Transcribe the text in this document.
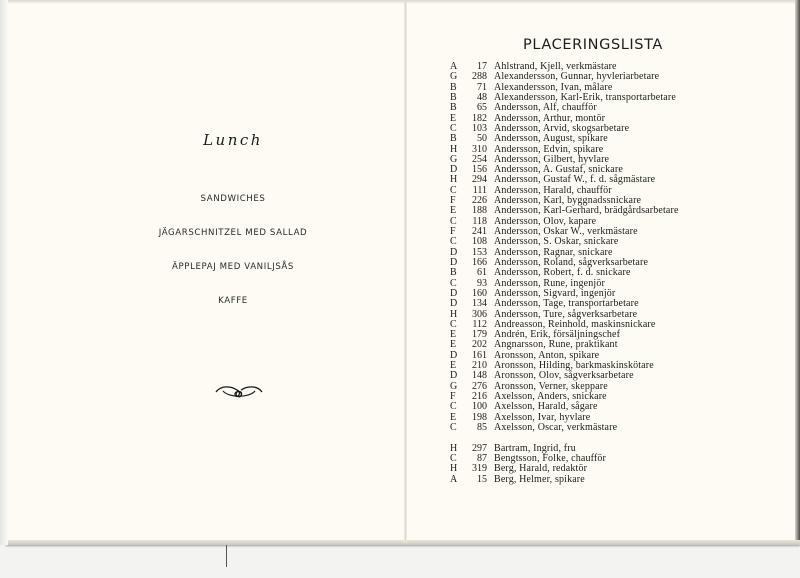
Lunch
SANDWICHES
JÄGARSCHNITZEL MED SALLAD
ÄPPLEPAJ MED VANILJSÅS
KAFFE
PLACERINGSLISTA
A 17 Ahlstrand, Kjell, verkmästare
G 288 Alexandersson, Gunnar, hyvleriarbetare
B 71 Alexandersson, Ivan, målare
B 48 Alexandersson, Karl-Erik, transportarbetare
B 65 Andersson, Alf, chaufför
E 182 Andersson, Arthur, montör
C 103 Andersson, Arvid, skogsarbetare
B 50 Andersson, August, spikare
H 310 Andersson, Edvin, spikare
G 254 Andersson, Gilbert, hyvlare
D 156 Andersson, A. Gustaf, snickare
H 294 Andersson, Gustaf W., f. d. sågmästare
C 111 Andersson, Harald, chaufför
F 226 Andersson, Karl, byggnadssnickare
E 188 Andersson, Karl-Gerhard, brädgårdsarbetare
C 118 Andersson, Olov, kapare
F 241 Andersson, Oskar W., verkmästare
C 108 Andersson, S. Oskar, snickare
D 153 Andersson, Ragnar, snickare
D 166 Andersson, Roland, sågverksarbetare
B 61 Andersson, Robert, f. d. snickare
C 93 Andersson, Rune, ingenjör
D 160 Andersson, Sigvard, ingenjör
D 134 Andersson, Tage, transportarbetare
H 306 Andersson, Ture, sågverksarbetare
C 112 Andreasson, Reinhold, maskinsnickare
E 179 Andrén, Erik, försäljningschef
E 202 Angnarsson, Rune, praktikant
D 161 Aronsson, Anton, spikare
E 210 Aronsson, Hilding, barkmaskinskötare
D 148 Aronsson, Olov, sågverksarbetare
G 276 Aronsson, Verner, skeppare
F 216 Axelsson, Anders, snickare
C 100 Axelsson, Harald, sågare
E 198 Axelsson, Ivar, hyvlare
C 85 Axelsson, Oscar, verkmästare
H 297 Bartram, Ingrid, fru
C 87 Bengtsson, Folke, chaufför
H 319 Berg, Harald, redaktör
A 15 Berg, Helmer, spikare
